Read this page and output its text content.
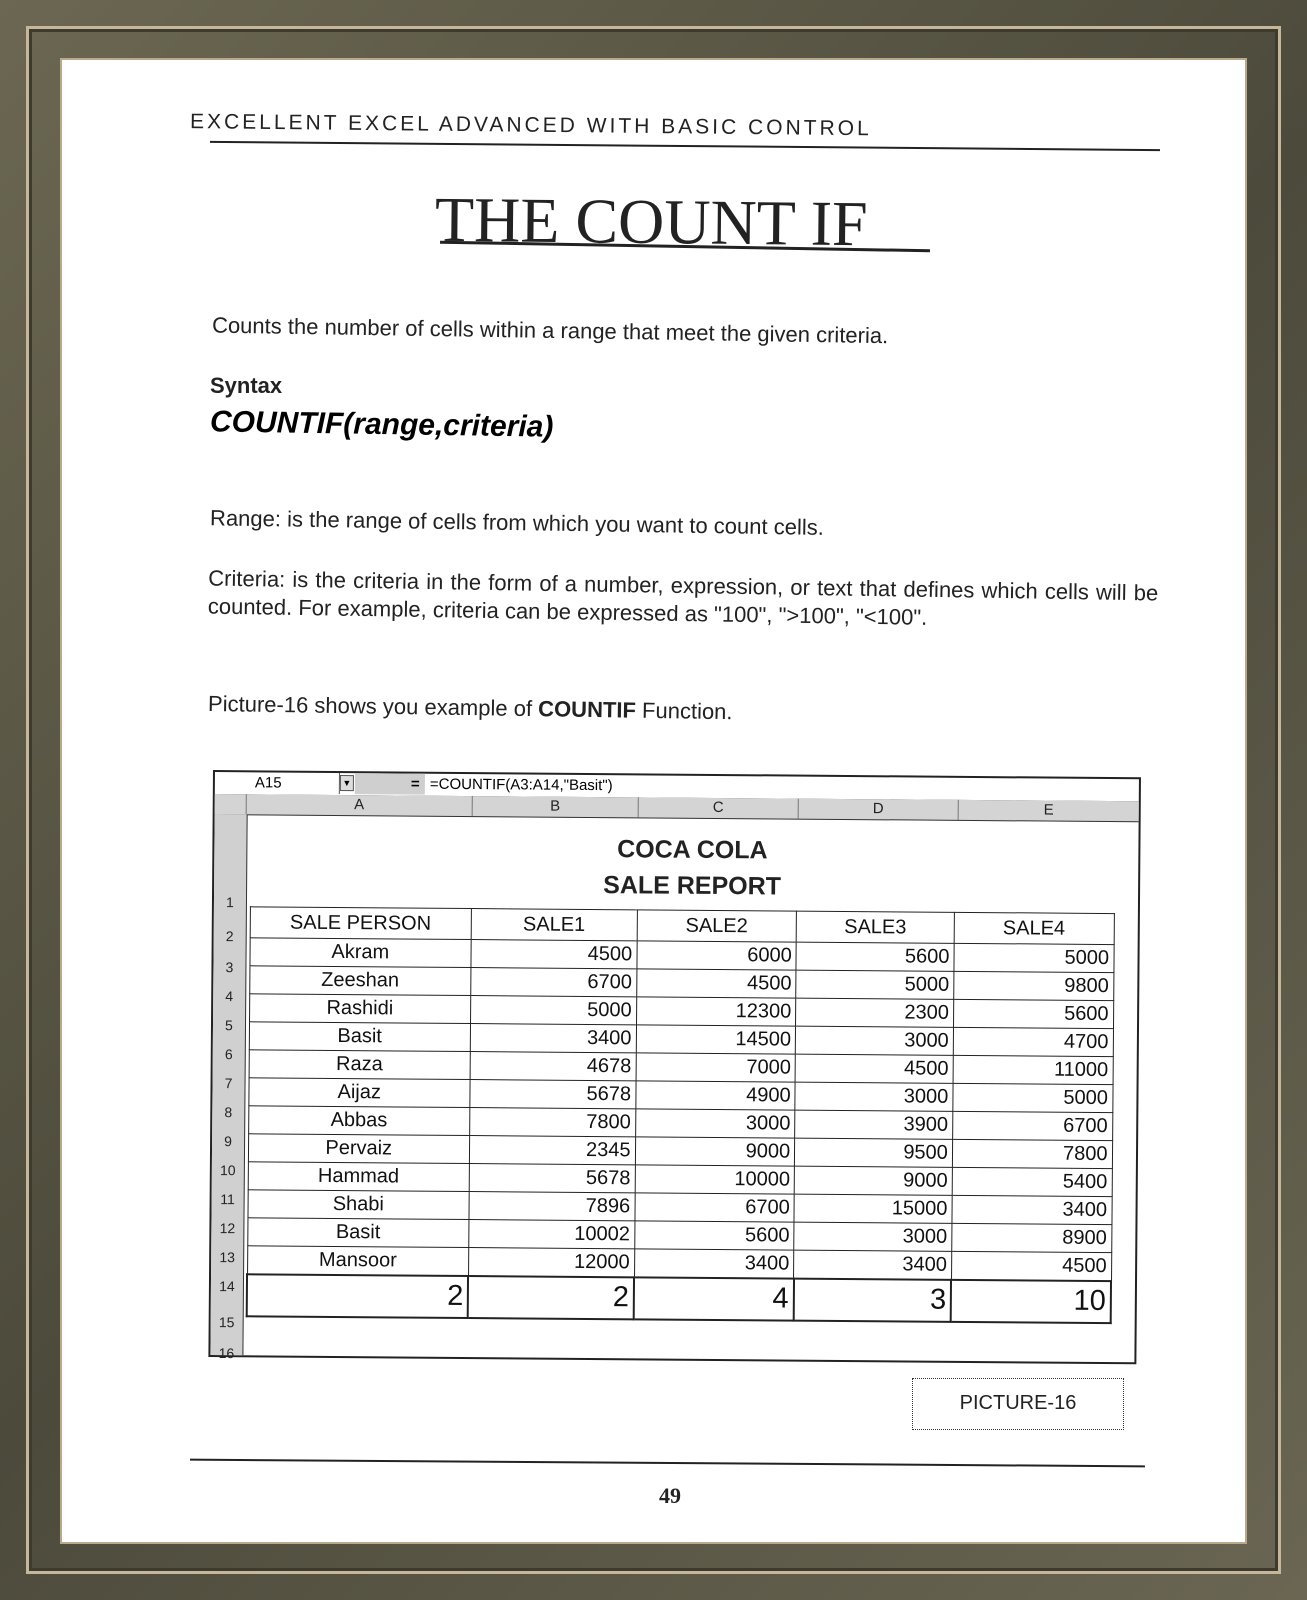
EXCELLENT EXCEL ADVANCED WITH BASIC CONTROL
THE COUNT IF
Counts the number of cells within a range that meet the given criteria.
Syntax
COUNTIF(range,criteria)
Range: is the range of cells from which you want to count cells.
Criteria: is the criteria in the form of a number, expression, or text that defines which cells will be counted. For example, criteria can be expressed as "100", ">100", "<100".
Picture-16 shows you example of COUNTIF Function.
A15	▼	= =COUNTIF(A3:A14,"Basit")
A	B	C	D	E
1
2
3
4
5
6
7
8
9
10
11
12
13
14
15
16
COCA COLA
SALE REPORT
SALE PERSON	SALE1	SALE2	SALE3	SALE4
Akram	4500	6000	5600	5000
Zeeshan	6700	4500	5000	9800
Rashidi	5000	12300	2300	5600
Basit	3400	14500	3000	4700
Raza	4678	7000	4500	11000
Aijaz	5678	4900	3000	5000
Abbas	7800	3000	3900	6700
Pervaiz	2345	9000	9500	7800
Hammad	5678	10000	9000	5400
Shabi	7896	6700	15000	3400
Basit	10002	5600	3000	8900
Mansoor	12000	3400	3400	4500
2	2	4	3	10
PICTURE-16
49
